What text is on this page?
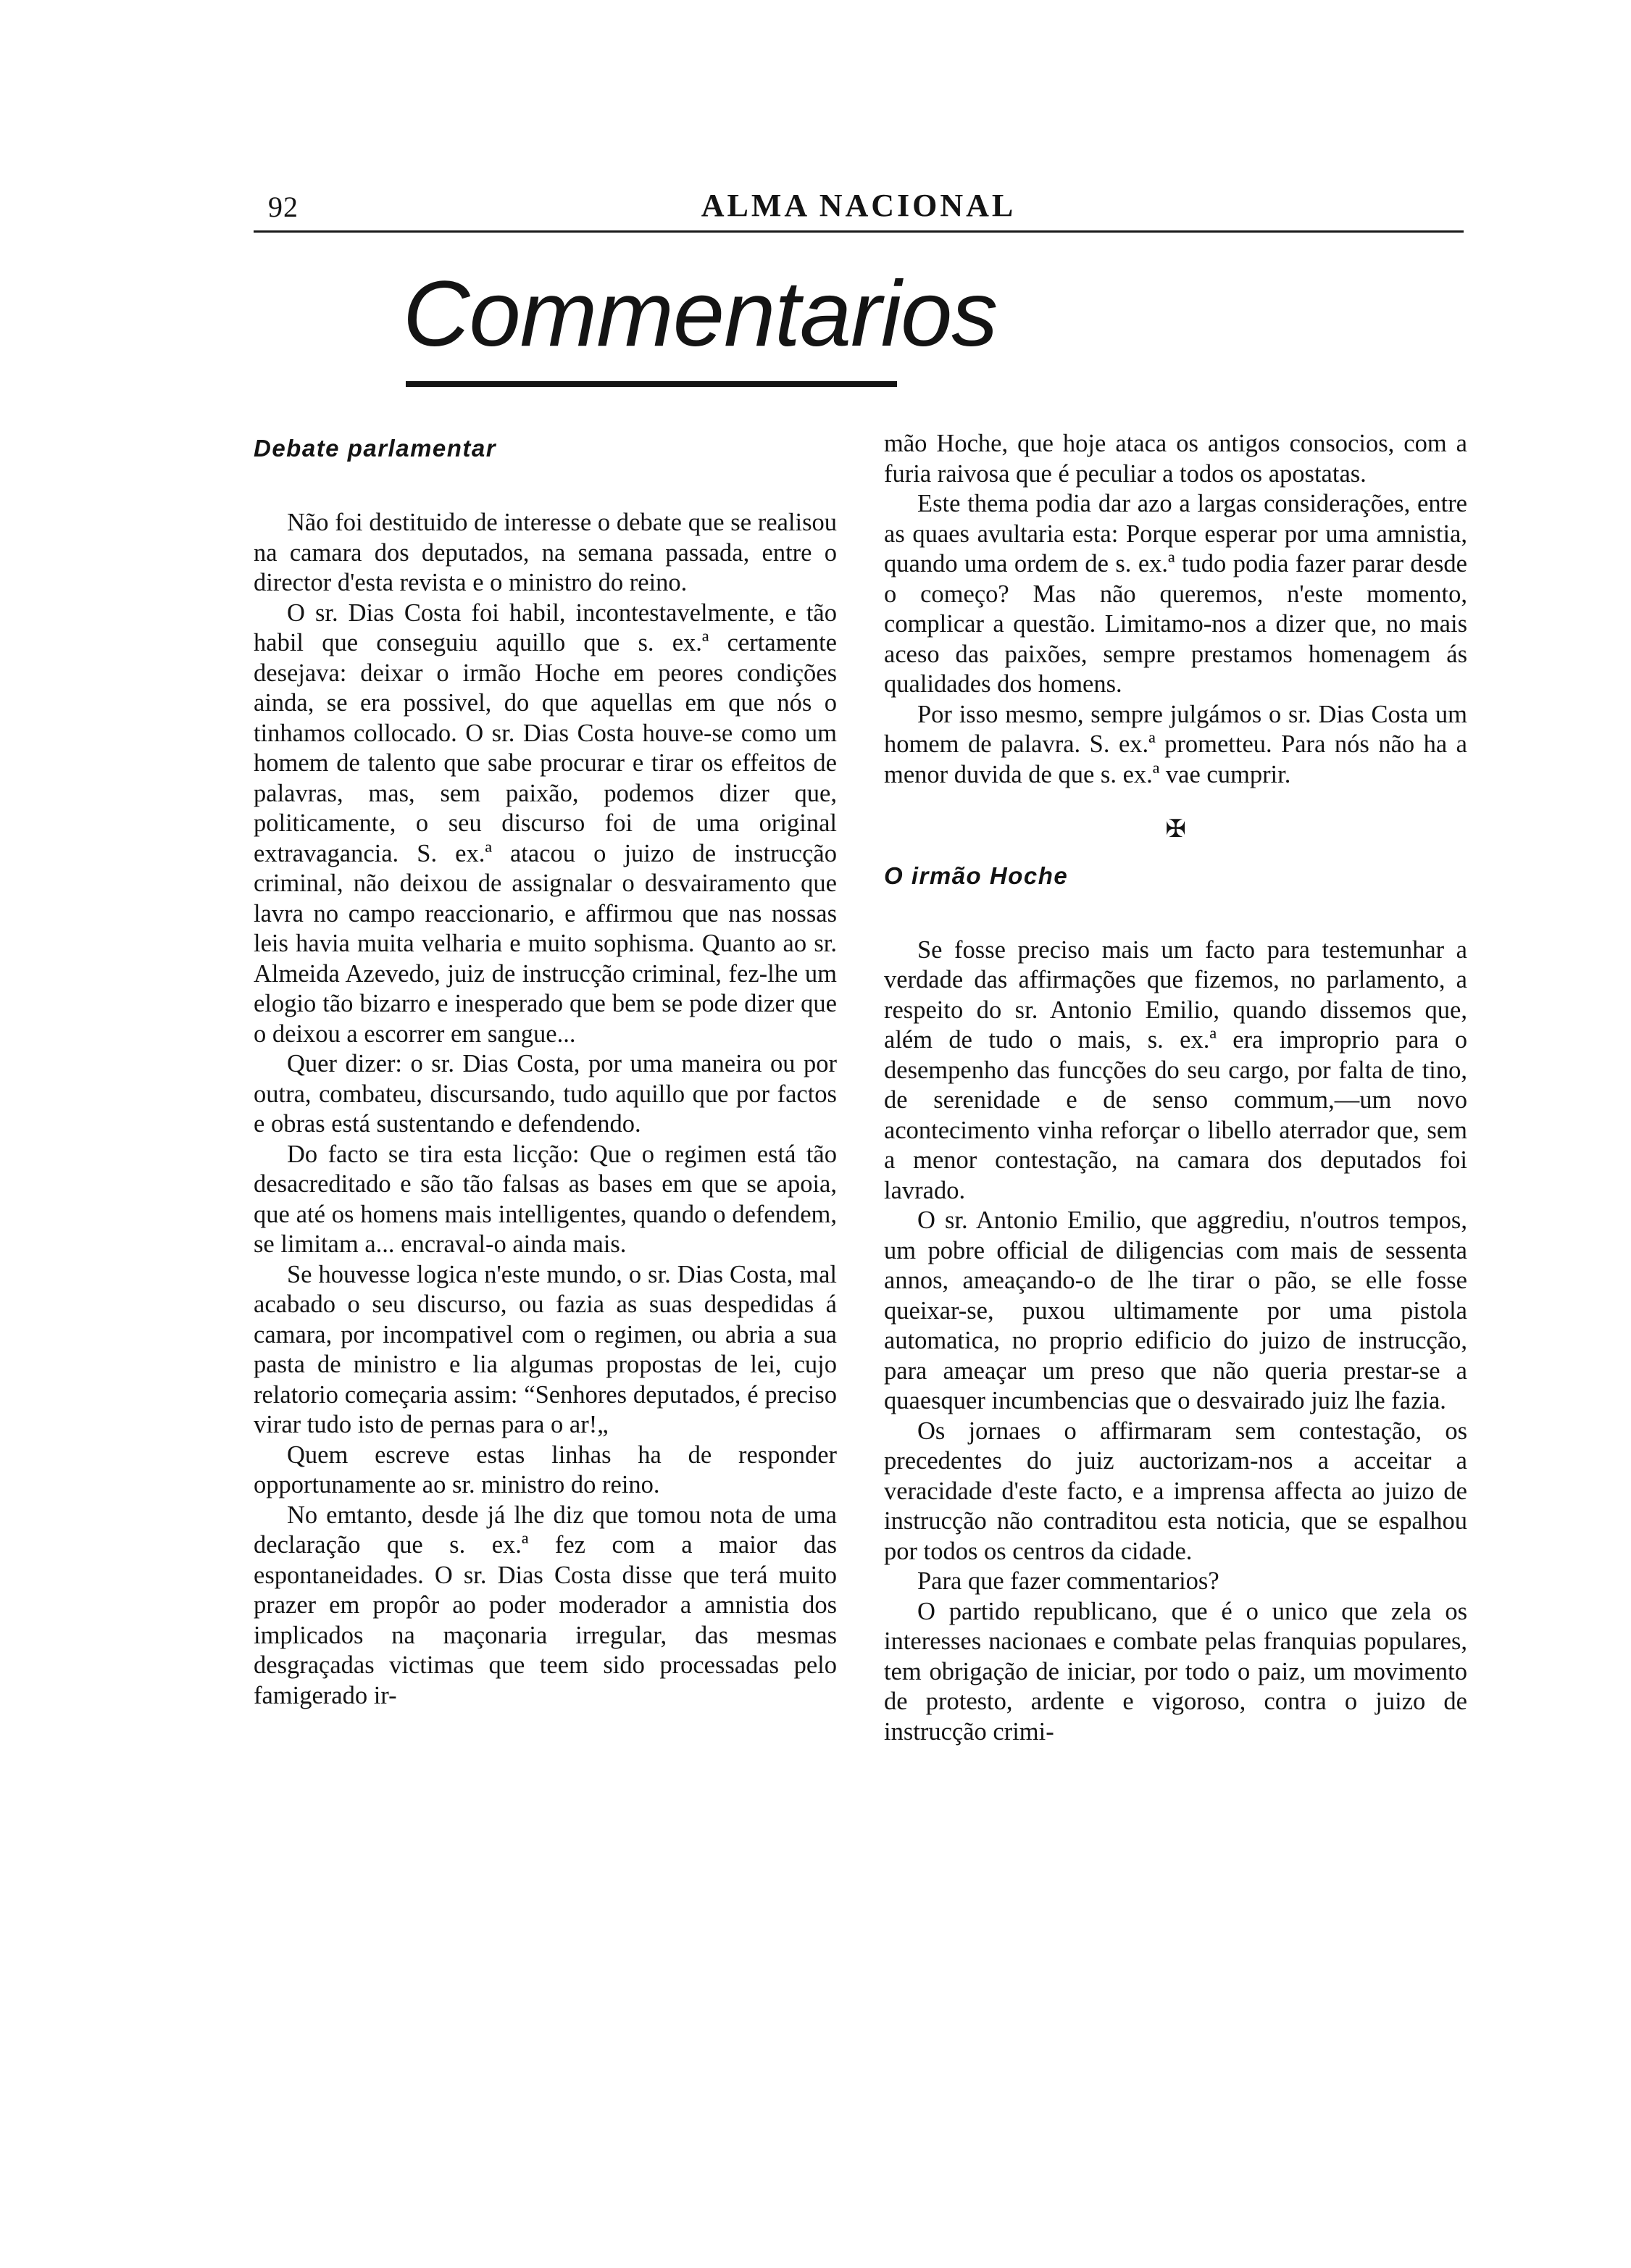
92	ALMA NACIONAL
Commentarios
Debate parlamentar

Não foi destituido de interesse o debate que se realisou na camara dos deputados, na semana passada, entre o director d'esta revista e o ministro do reino.

O sr. Dias Costa foi habil, incontestavelmente, e tão habil que conseguiu aquillo que s. ex.ª certamente desejava: deixar o irmão Hoche em peores condições ainda, se era possivel, do que aquellas em que nós o tinhamos collocado. O sr. Dias Costa houve-se como um homem de talento que sabe procurar e tirar os effeitos de palavras, mas, sem paixão, podemos dizer que, politicamente, o seu discurso foi de uma original extravagancia. S. ex.ª atacou o juizo de instrucção criminal, não deixou de assignalar o desvairamento que lavra no campo reaccionario, e affirmou que nas nossas leis havia muita velharia e muito sophisma. Quanto ao sr. Almeida Azevedo, juiz de instrucção criminal, fez-lhe um elogio tão bizarro e inesperado que bem se pode dizer que o deixou a escorrer em sangue...

Quer dizer: o sr. Dias Costa, por uma maneira ou por outra, combateu, discursando, tudo aquillo que por factos e obras está sustentando e defendendo.

Do facto se tira esta licção: Que o regimen está tão desacreditado e são tão falsas as bases em que se apoia, que até os homens mais intelligentes, quando o defendem, se limitam a... encraval-o ainda mais.

Se houvesse logica n'este mundo, o sr. Dias Costa, mal acabado o seu discurso, ou fazia as suas despedidas á camara, por incompativel com o regimen, ou abria a sua pasta de ministro e lia algumas propostas de lei, cujo relatorio começaria assim: “Senhores deputados, é preciso virar tudo isto de pernas para o ar!„

Quem escreve estas linhas ha de responder opportunamente ao sr. ministro do reino.

No emtanto, desde já lhe diz que tomou nota de uma declaração que s. ex.ª fez com a maior das espontaneidades. O sr. Dias Costa disse que terá muito prazer em propôr ao poder moderador a amnistia dos implicados na maçonaria irregular, das mesmas desgraçadas victimas que teem sido processadas pelo famigerado ir-

mão Hoche, que hoje ataca os antigos consocios, com a furia raivosa que é peculiar a todos os apostatas.

Este thema podia dar azo a largas considerações, entre as quaes avultaria esta: Porque esperar por uma amnistia, quando uma ordem de s. ex.ª tudo podia fazer parar desde o começo? Mas não queremos, n'este momento, complicar a questão. Limitamo-nos a dizer que, no mais aceso das paixões, sempre prestamos homenagem ás qualidades dos homens.

Por isso mesmo, sempre julgámos o sr. Dias Costa um homem de palavra. S. ex.ª prometteu. Para nós não ha a menor duvida de que s. ex.ª vae cumprir.

✠
O irmão Hoche

Se fosse preciso mais um facto para testemunhar a verdade das affirmações que fizemos, no parlamento, a respeito do sr. Antonio Emilio, quando dissemos que, além de tudo o mais, s. ex.ª era improprio para o desempenho das funcções do seu cargo, por falta de tino, de serenidade e de senso commum,—um novo acontecimento vinha reforçar o libello aterrador que, sem a menor contestação, na camara dos deputados foi lavrado.

O sr. Antonio Emilio, que aggrediu, n'outros tempos, um pobre official de diligencias com mais de sessenta annos, ameaçando-o de lhe tirar o pão, se elle fosse queixar-se, puxou ultimamente por uma pistola automatica, no proprio edificio do juizo de instrucção, para ameaçar um preso que não queria prestar-se a quaesquer incumbencias que o desvairado juiz lhe fazia.

Os jornaes o affirmaram sem contestação, os precedentes do juiz auctorizam-nos a acceitar a veracidade d'este facto, e a imprensa affecta ao juizo de instrucção não contraditou esta noticia, que se espalhou por todos os centros da cidade.

Para que fazer commentarios?

O partido republicano, que é o unico que zela os interesses nacionaes e combate pelas franquias populares, tem obrigação de iniciar, por todo o paiz, um movimento de protesto, ardente e vigoroso, contra o juizo de instrucção crimi-
